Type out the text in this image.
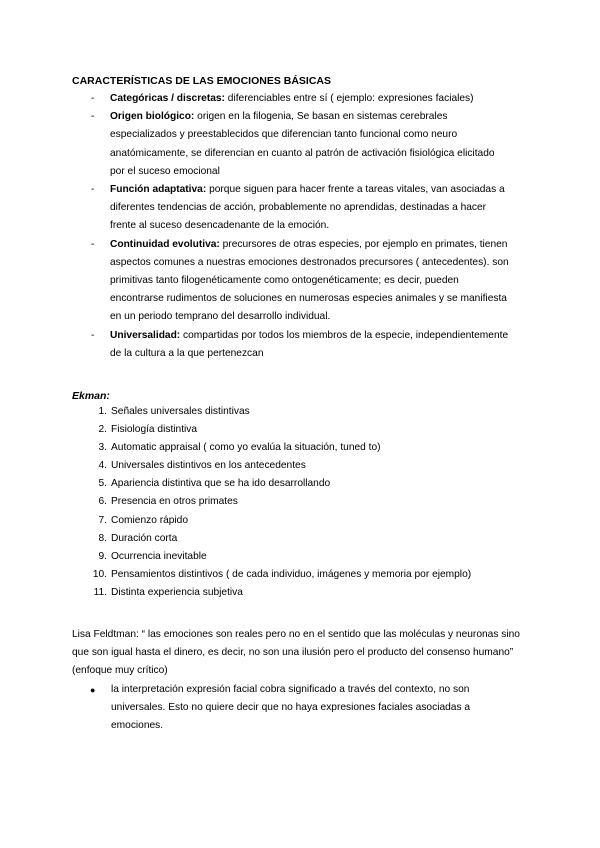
CARACTERÍSTICAS DE LAS EMOCIONES BÁSICAS

- Categóricas / discretas: diferenciables entre sí ( ejemplo: expresiones faciales)
- Origen biológico: origen en la filogenia, Se basan en sistemas cerebrales especializados y preestablecidos que diferencian tanto funcional como neuro anatómicamente, se diferencian en cuanto al patrón de activación fisiológica elicitado por el suceso emocional
- Función adaptativa: porque siguen para hacer frente a tareas vitales, van asociadas a diferentes tendencias de acción, probablemente no aprendidas, destinadas a hacer frente al suceso desencadenante de la emoción.
- Continuidad evolutiva: precursores de otras especies, por ejemplo en primates, tienen aspectos comunes a nuestras emociones destronados precursores ( antecedentes). son primitivas tanto filogenéticamente como ontogenéticamente; es decir, pueden encontrarse rudimentos de soluciones en numerosas especies animales y se manifiesta en un periodo temprano del desarrollo individual.
- Universalidad: compartidas por todos los miembros de la especie, independientemente de la cultura a la que pertenezcan

Ekman:

1. Señales universales distintivas
2. Fisiología distintiva
3. Automatic appraisal ( como yo evalúa la situación, tuned to)
4. Universales distintivos en los antecedentes
5. Apariencia distintiva que se ha ido desarrollando
6. Presencia en otros primates
7. Comienzo rápido
8. Duración corta
9. Ocurrencia inevitable
10. Pensamientos distintivos ( de cada individuo, imágenes y memoria por ejemplo)
11. Distinta experiencia subjetiva

Lisa Feldtman: “ las emociones son reales pero no en el sentido que las moléculas y neuronas sino que son igual hasta el dinero, es decir, no son una ilusión pero el producto del consenso humano” (enfoque muy crítico)

● la interpretación expresión facial cobra significado a través del contexto, no son universales. Esto no quiere decir que no haya expresiones faciales asociadas a emociones.
